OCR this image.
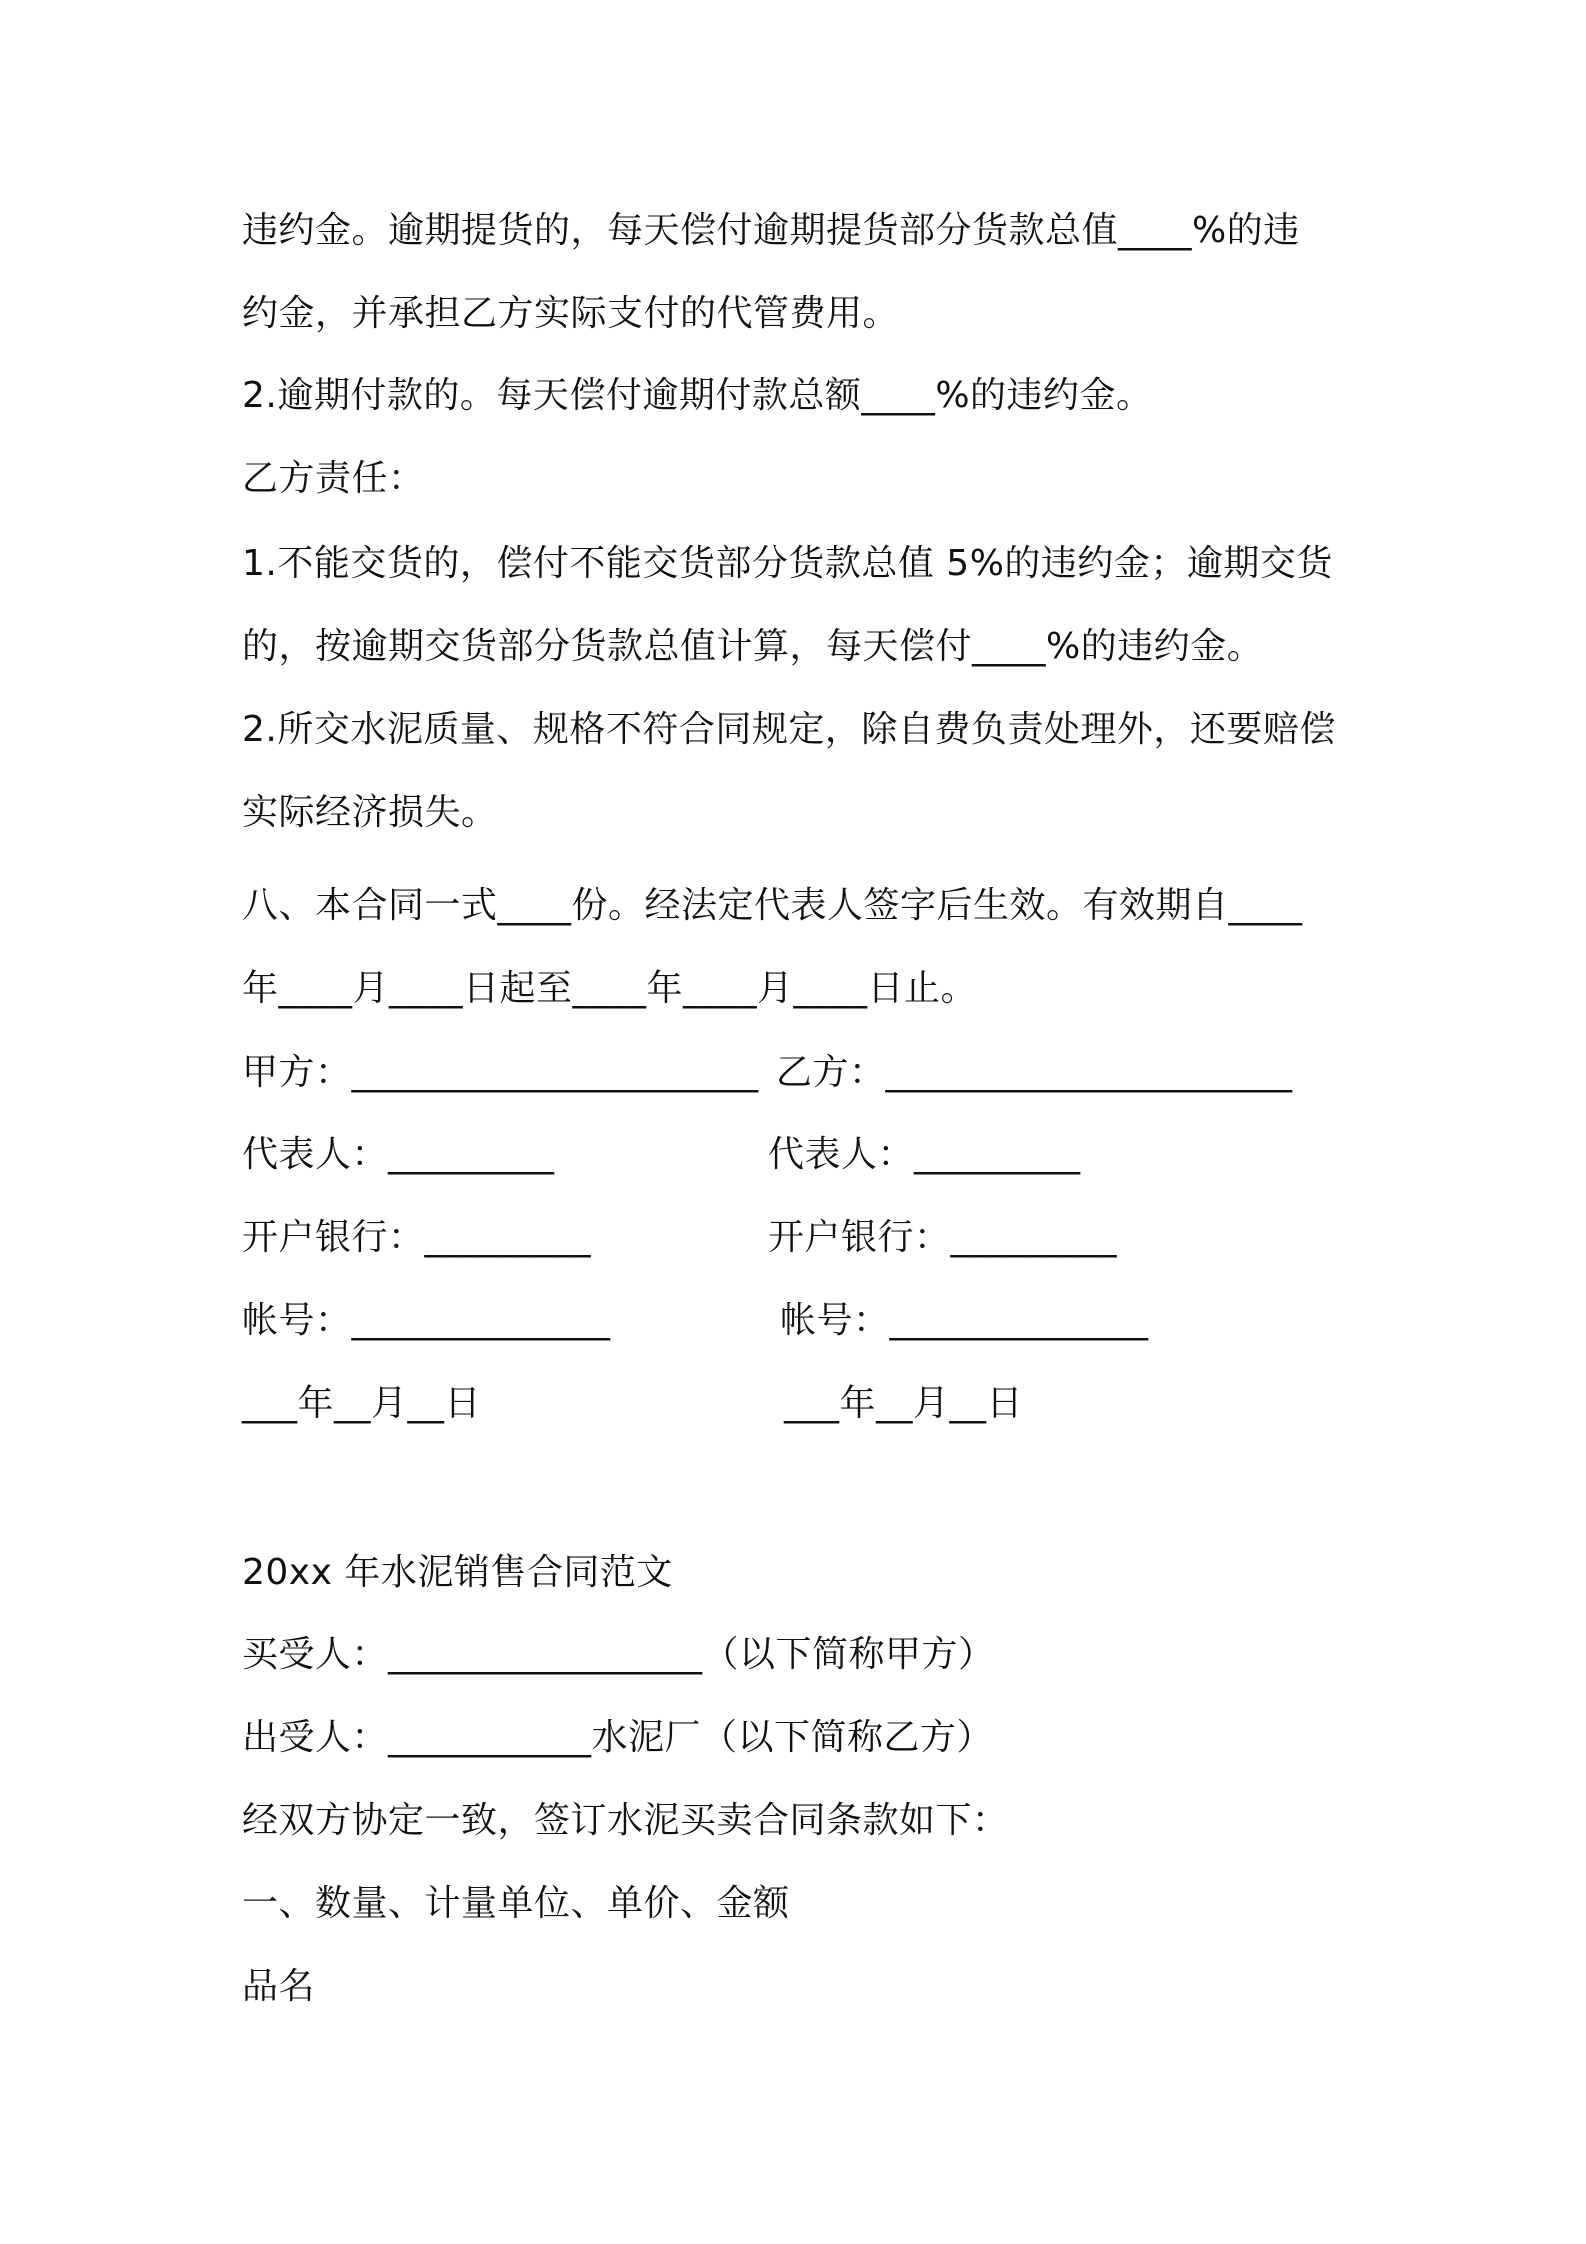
违约金。逾期提货的，每天偿付逾期提货部分货款总值____%的违
约金，并承担乙方实际支付的代管费用。
2.逾期付款的。每天偿付逾期付款总额____%的违约金。
乙方责任：
1.不能交货的，偿付不能交货部分货款总值 5%的违约金；逾期交货
的，按逾期交货部分货款总值计算，每天偿付____%的违约金。
2.所交水泥质量、规格不符合同规定，除自费负责处理外，还要赔偿
实际经济损失。
八、本合同一式____份。经法定代表人签字后生效。有效期自____
年____月____日起至____年____月____日止。
甲方：______________________ 乙方：______________________
代表人：_________	代表人：_________
开户银行：_________	开户银行：_________
帐号：______________	帐号：______________
___年__月__日	___年__月__日
20xx 年水泥销售合同范文
买受人：_________________（以下简称甲方）
出受人：___________水泥厂（以下简称乙方）
经双方协定一致，签订水泥买卖合同条款如下：
一、数量、计量单位、单价、金额
品名
